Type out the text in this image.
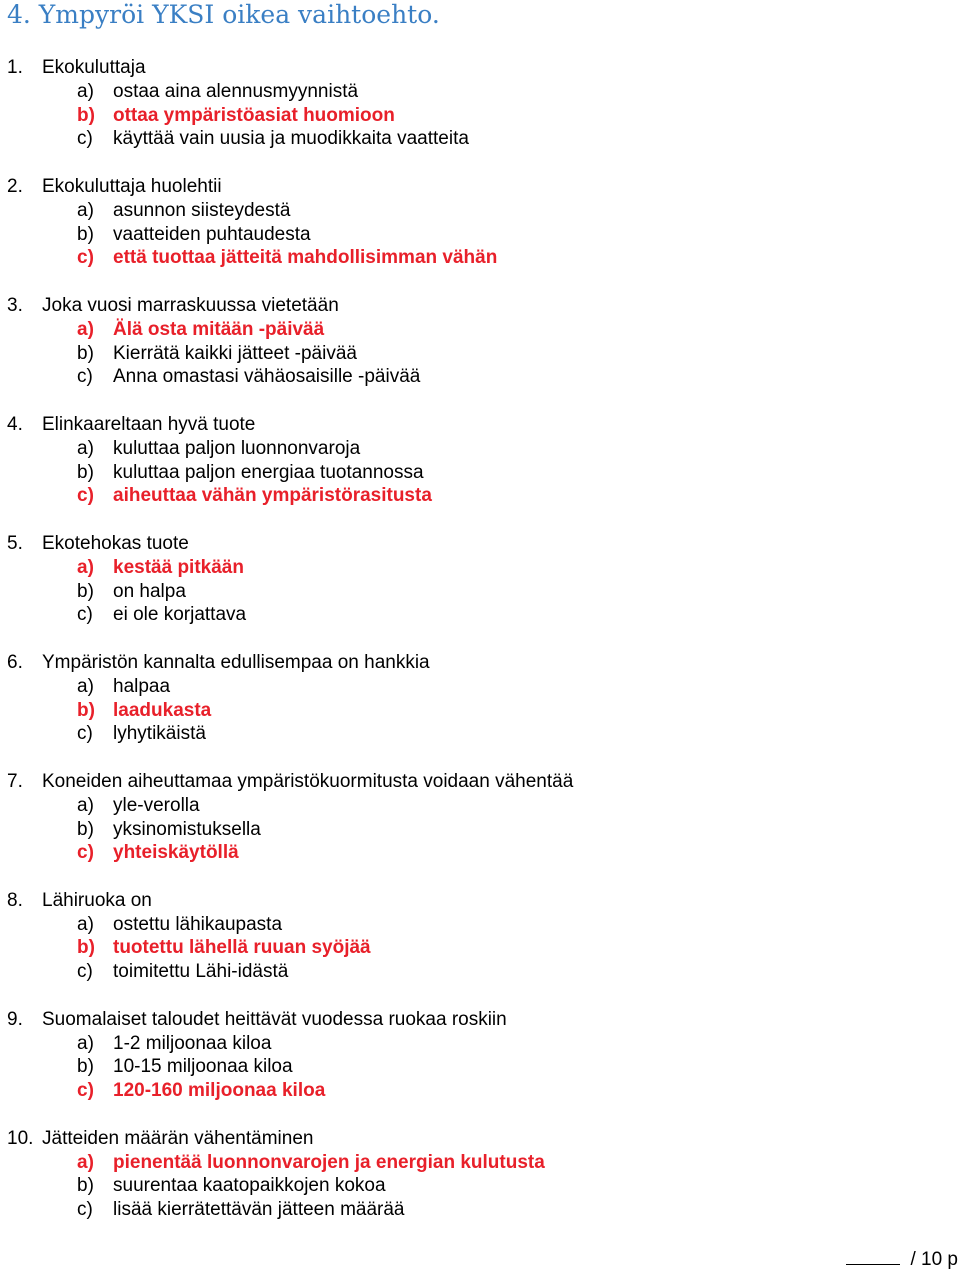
4. Ympyröi YKSI oikea vaihtoehto.
1. Ekokuluttaja
a) ostaa aina alennusmyynnistä
b) ottaa ympäristöasiat huomioon
c) käyttää vain uusia ja muodikkaita vaatteita
2. Ekokuluttaja huolehtii
a) asunnon siisteydestä
b) vaatteiden puhtaudesta
c) että tuottaa jätteitä mahdollisimman vähän
3. Joka vuosi marraskuussa vietetään
a) Älä osta mitään -päivää
b) Kierrätä kaikki jätteet -päivää
c) Anna omastasi vähäosaisille -päivää
4. Elinkaareltaan hyvä tuote
a) kuluttaa paljon luonnonvaroja
b) kuluttaa paljon energiaa tuotannossa
c) aiheuttaa vähän ympäristörasitusta
5. Ekotehokas tuote
a) kestää pitkään
b) on halpa
c) ei ole korjattava
6. Ympäristön kannalta edullisempaa on hankkia
a) halpaa
b) laadukasta
c) lyhytikäistä
7. Koneiden aiheuttamaa ympäristökuormitusta voidaan vähentää
a) yle-verolla
b) yksinomistuksella
c) yhteiskäytöllä
8. Lähiruoka on
a) ostettu lähikaupasta
b) tuotettu lähellä ruuan syöjää
c) toimitettu Lähi-idästä
9. Suomalaiset taloudet heittävät vuodessa ruokaa roskiin
a) 1-2 miljoonaa kiloa
b) 10-15 miljoonaa kiloa
c) 120-160 miljoonaa kiloa
10. Jätteiden määrän vähentäminen
a) pienentää luonnonvarojen ja energian kulutusta
b) suurentaa kaatopaikkojen kokoa
c) lisää kierrätettävän jätteen määrää
/ 10 p
